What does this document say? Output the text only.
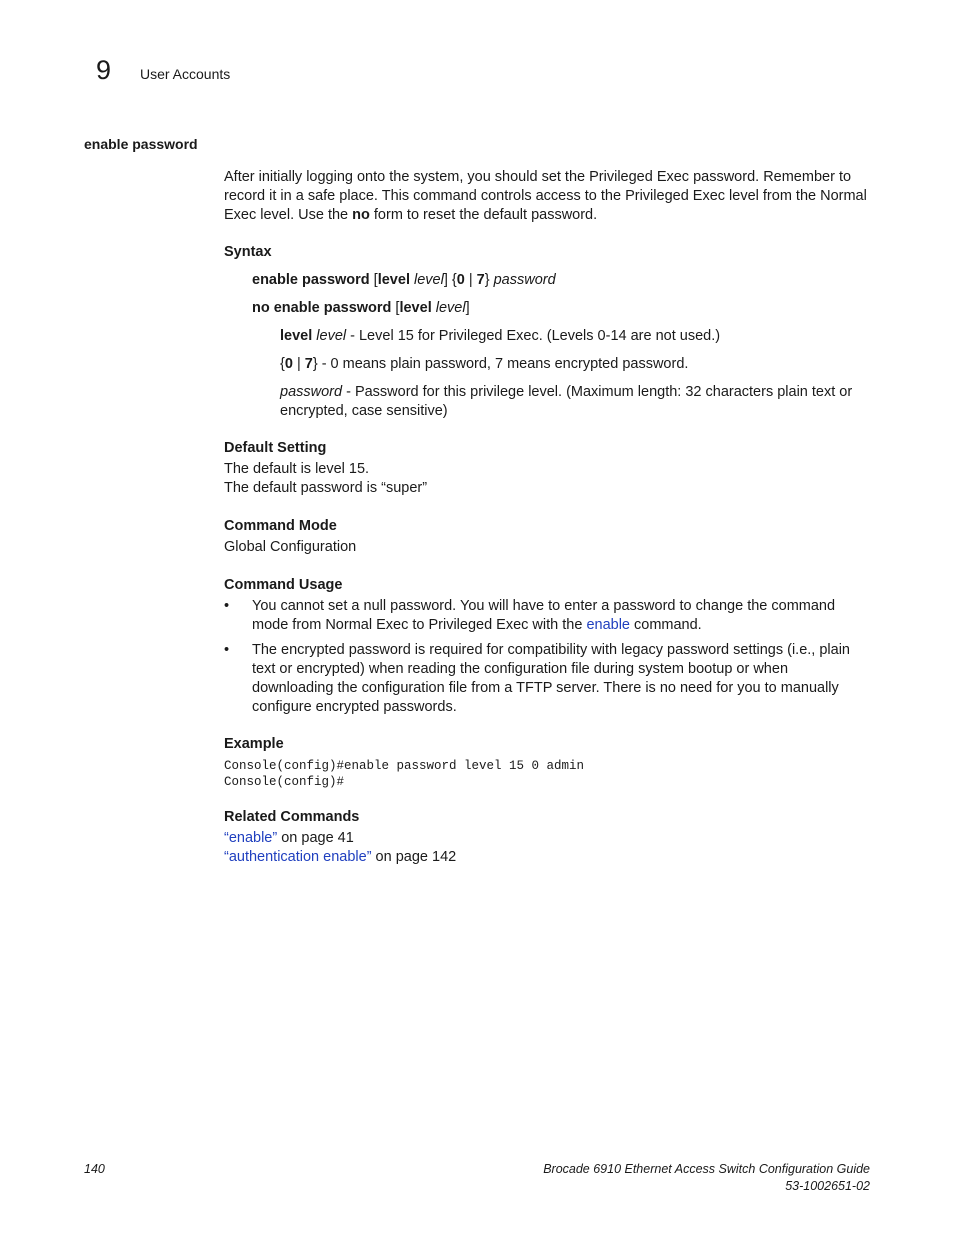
9 User Accounts
enable password
After initially logging onto the system, you should set the Privileged Exec password. Remember to record it in a safe place. This command controls access to the Privileged Exec level from the Normal Exec level. Use the no form to reset the default password.
Syntax
enable password [level level] {0 | 7} password
no enable password [level level]
level level - Level 15 for Privileged Exec. (Levels 0-14 are not used.)
{0 | 7} - 0 means plain password, 7 means encrypted password.
password - Password for this privilege level. (Maximum length: 32 characters plain text or encrypted, case sensitive)
Default Setting
The default is level 15.
The default password is “super”
Command Mode
Global Configuration
Command Usage
• You cannot set a null password. You will have to enter a password to change the command mode from Normal Exec to Privileged Exec with the enable command.
• The encrypted password is required for compatibility with legacy password settings (i.e., plain text or encrypted) when reading the configuration file during system bootup or when downloading the configuration file from a TFTP server. There is no need for you to manually configure encrypted passwords.
Example
Console(config)#enable password level 15 0 admin
Console(config)#
Related Commands
“enable” on page 41
“authentication enable” on page 142
140	Brocade 6910 Ethernet Access Switch Configuration Guide
53-1002651-02
